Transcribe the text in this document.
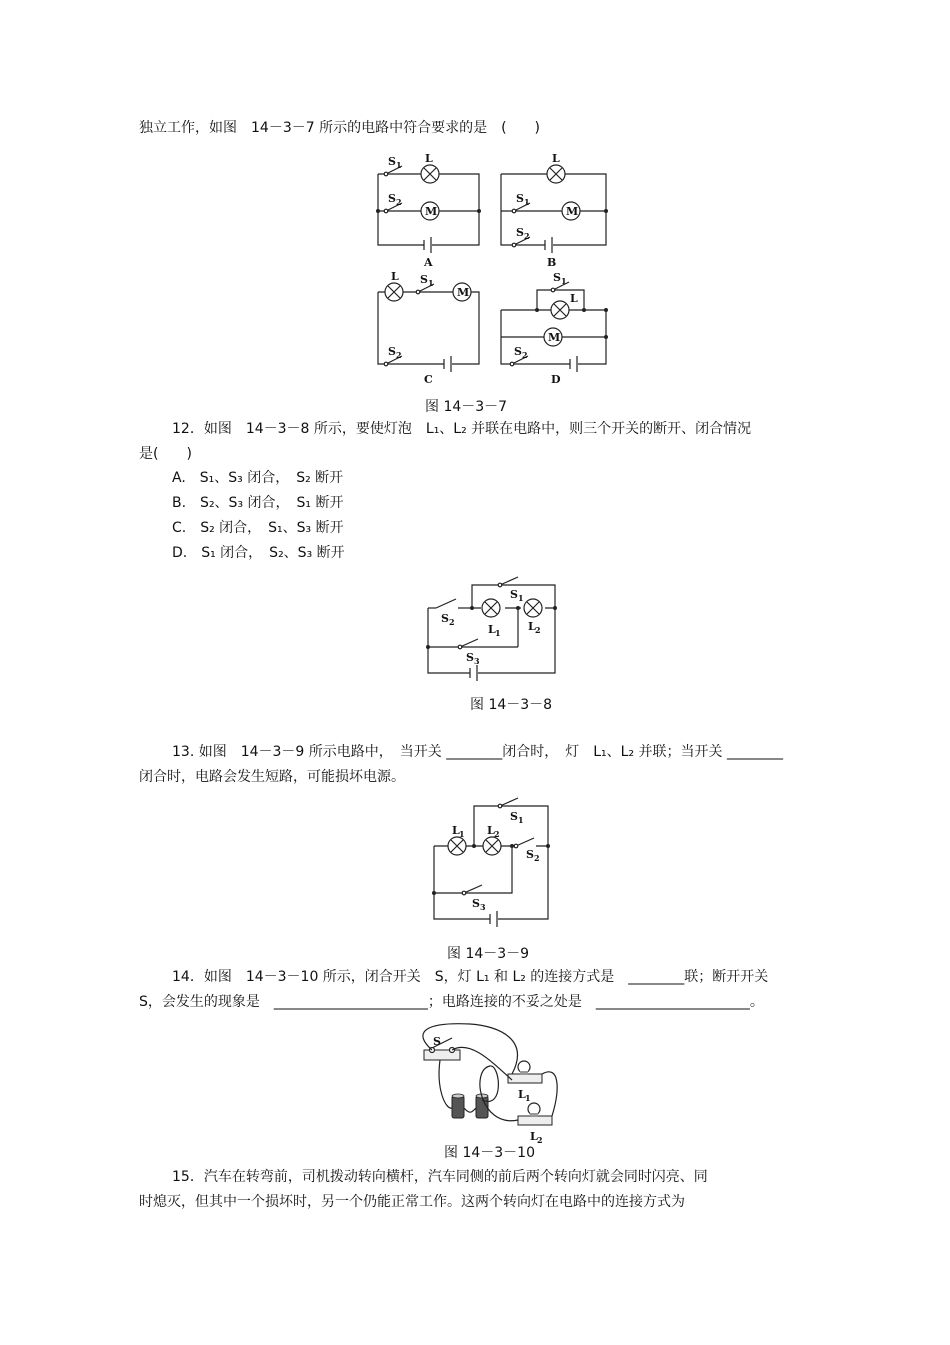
独立工作，如图　14－3－7 所示的电路中符合要求的是　(　　)
S 1 L
S 2
M
A
L
S 1
M
S 2
B
L S 1
M
S 2
C
S 1
L
M
S 2
D
图 14－3－7
12．如图　14－3－8 所示，要使灯泡　L₁、L₂ 并联在电路中，则三个开关的断开、闭合情况
是(　　)
A.　S₁、S₃ 闭合，　S₂ 断开
B.　S₂、S₃ 闭合，　S₁ 断开
C.　S₂ 闭合，　S₁、S₃ 断开
D.　S₁ 闭合，　S₂、S₃ 断开
S 2
L 1 L 2
S 1
S 3
图 14－3－8
13. 如图　14－3－9 所示电路中，　当开关 ________闭合时，　灯　L₁、L₂ 并联；当开关 ________
闭合时，电路会发生短路，可能损坏电源。
L 1 L 2
S 1
S 2
S 3
图 14－3－9
14．如图　14－3－10 所示，闭合开关　S，灯 L₁ 和 L₂ 的连接方式是　________联；断开开关
S，会发生的现象是　______________________；电路连接的不妥之处是　______________________。
S
L 1
L 2
图 14－3－10
15．汽车在转弯前，司机拨动转向横杆，汽车同侧的前后两个转向灯就会同时闪亮、同
时熄灭，但其中一个损坏时，另一个仍能正常工作。这两个转向灯在电路中的连接方式为
